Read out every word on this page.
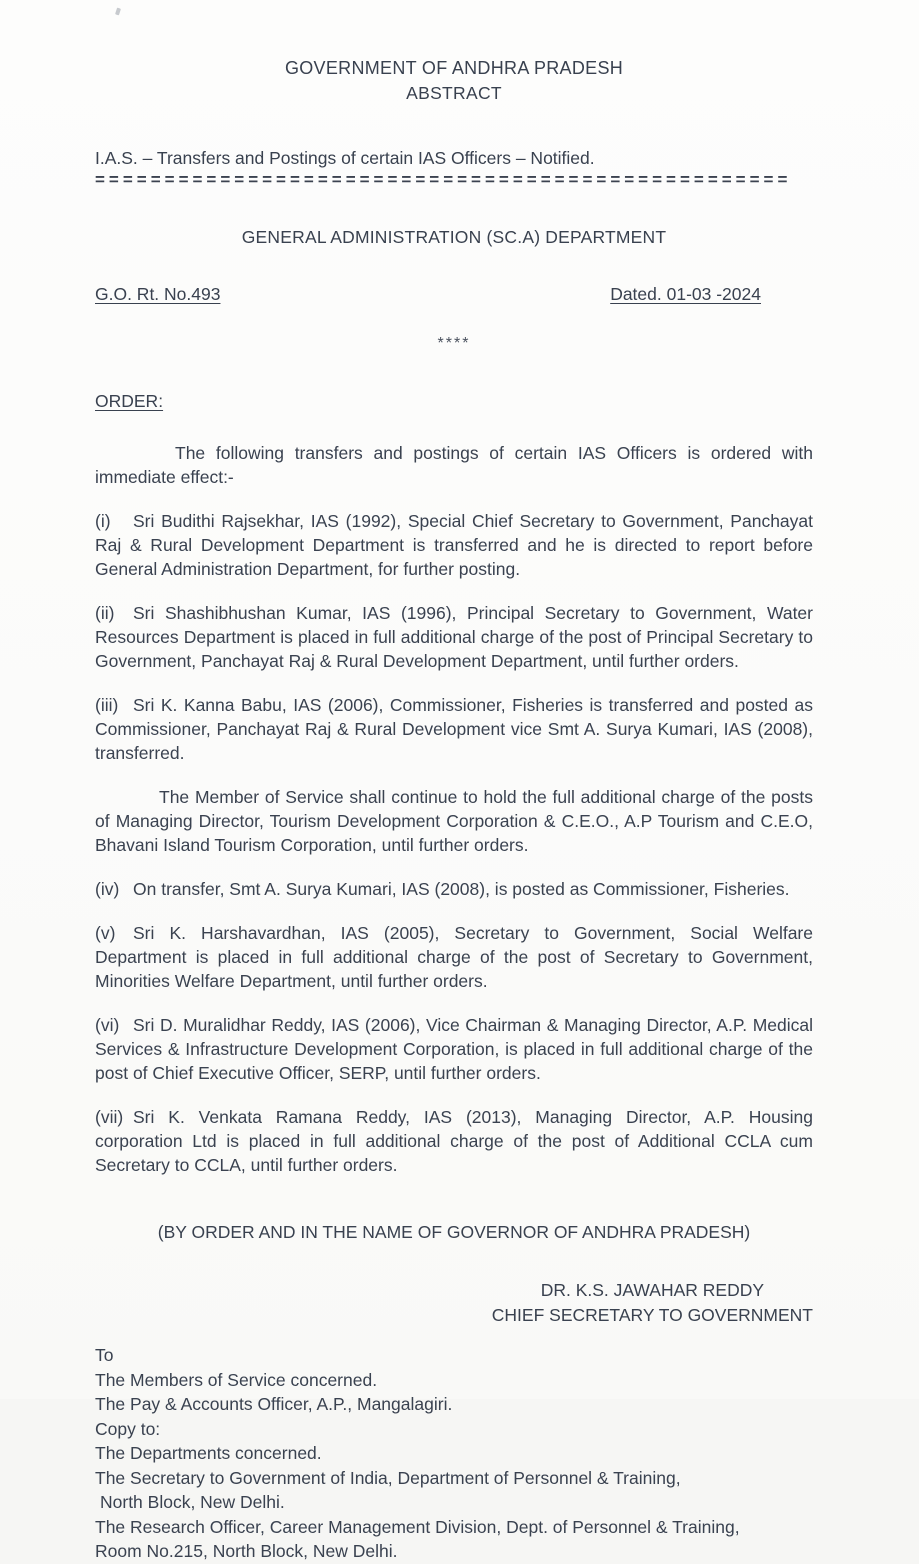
GOVERNMENT OF ANDHRA PRADESH
ABSTRACT
I.A.S. – Transfers and Postings of certain IAS Officers – Notified.
==================================================
GENERAL ADMINISTRATION (SC.A) DEPARTMENT
G.O. Rt. No.493	Dated. 01-03 -2024
****
ORDER:

The following transfers and postings of certain IAS Officers is ordered with immediate effect:-

(i) Sri Budithi Rajsekhar, IAS (1992), Special Chief Secretary to Government, Panchayat Raj & Rural Development Department is transferred and he is directed to report before General Administration Department, for further posting.

(ii) Sri Shashibhushan Kumar, IAS (1996), Principal Secretary to Government, Water Resources Department is placed in full additional charge of the post of Principal Secretary to Government, Panchayat Raj & Rural Development Department, until further orders.

(iii) Sri K. Kanna Babu, IAS (2006), Commissioner, Fisheries is transferred and posted as Commissioner, Panchayat Raj & Rural Development vice Smt A. Surya Kumari, IAS (2008), transferred.

The Member of Service shall continue to hold the full additional charge of the posts of Managing Director, Tourism Development Corporation & C.E.O., A.P Tourism and C.E.O, Bhavani Island Tourism Corporation, until further orders.

(iv) On transfer, Smt A. Surya Kumari, IAS (2008), is posted as Commissioner, Fisheries.

(v) Sri K. Harshavardhan, IAS (2005), Secretary to Government, Social Welfare Department is placed in full additional charge of the post of Secretary to Government, Minorities Welfare Department, until further orders.

(vi) Sri D. Muralidhar Reddy, IAS (2006), Vice Chairman & Managing Director, A.P. Medical Services & Infrastructure Development Corporation, is placed in full additional charge of the post of Chief Executive Officer, SERP, until further orders.

(vii) Sri K. Venkata Ramana Reddy, IAS (2013), Managing Director, A.P. Housing corporation Ltd is placed in full additional charge of the post of Additional CCLA cum Secretary to CCLA, until further orders.

(BY ORDER AND IN THE NAME OF GOVERNOR OF ANDHRA PRADESH)
DR. K.S. JAWAHAR REDDY
CHIEF SECRETARY TO GOVERNMENT
To
The Members of Service concerned.
The Pay & Accounts Officer, A.P., Mangalagiri.
Copy to:
The Departments concerned.
The Secretary to Government of India, Department of Personnel & Training,
North Block, New Delhi.
The Research Officer, Career Management Division, Dept. of Personnel & Training,
Room No.215, North Block, New Delhi.
